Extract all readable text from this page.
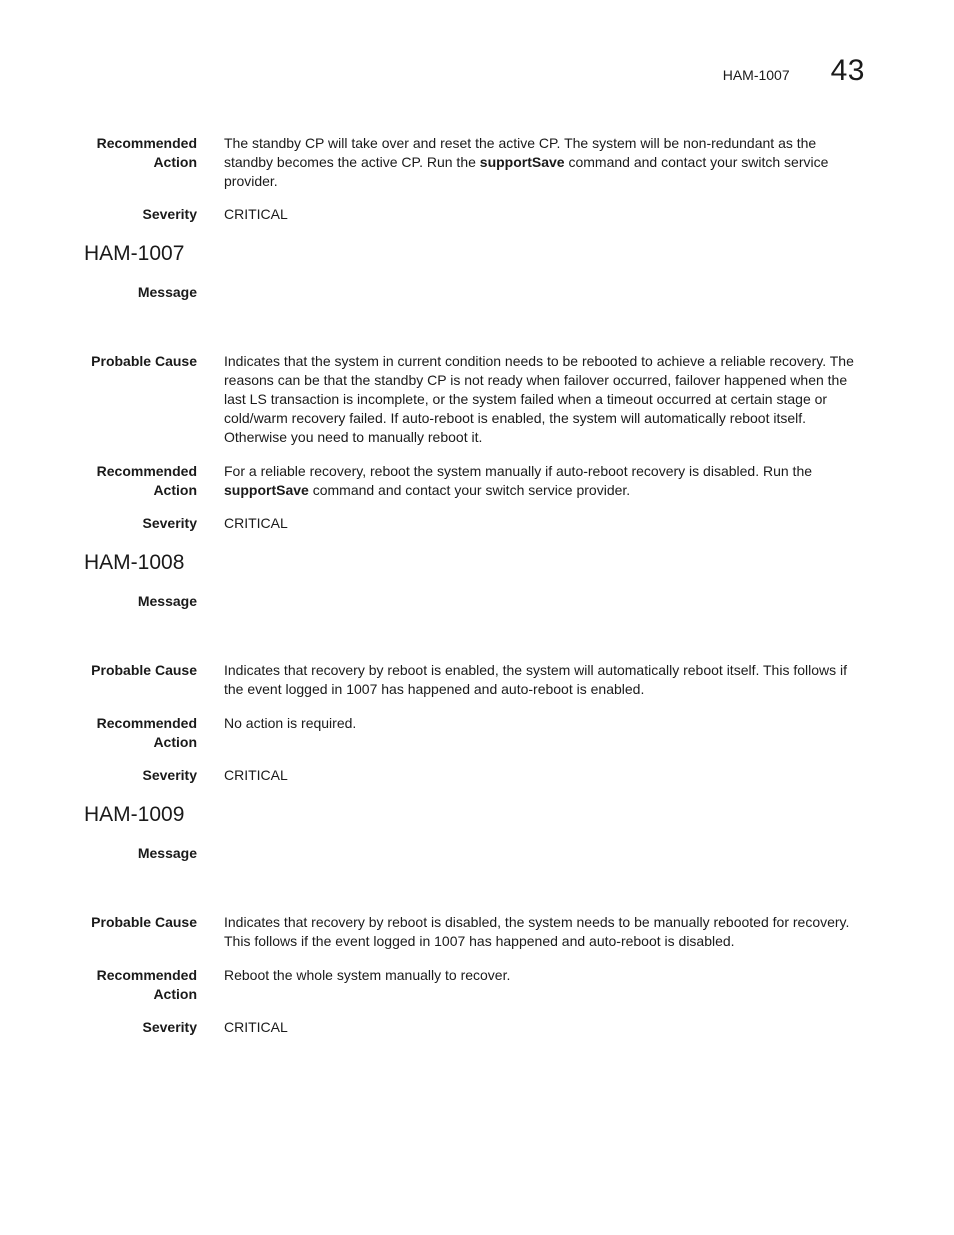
HAM-1007 43
Recommended
Action
The standby CP will take over and reset the active CP. The system will be non-redundant as the standby becomes the active CP. Run the supportSave command and contact your switch service provider.
Severity CRITICAL
HAM-1007
Message
Probable Cause Indicates that the system in current condition needs to be rebooted to achieve a reliable recovery. The reasons can be that the standby CP is not ready when failover occurred, failover happened when the last LS transaction is incomplete, or the system failed when a timeout occurred at certain stage or cold/warm recovery failed. If auto-reboot is enabled, the system will automatically reboot itself. Otherwise you need to manually reboot it.
Recommended
Action
For a reliable recovery, reboot the system manually if auto-reboot recovery is disabled. Run the supportSave command and contact your switch service provider.
Severity CRITICAL
HAM-1008
Message
Probable Cause Indicates that recovery by reboot is enabled, the system will automatically reboot itself. This follows if the event logged in 1007 has happened and auto-reboot is enabled.
Recommended
Action
No action is required.
Severity CRITICAL
HAM-1009
Message
Probable Cause Indicates that recovery by reboot is disabled, the system needs to be manually rebooted for recovery. This follows if the event logged in 1007 has happened and auto-reboot is disabled.
Recommended
Action
Reboot the whole system manually to recover.
Severity CRITICAL
